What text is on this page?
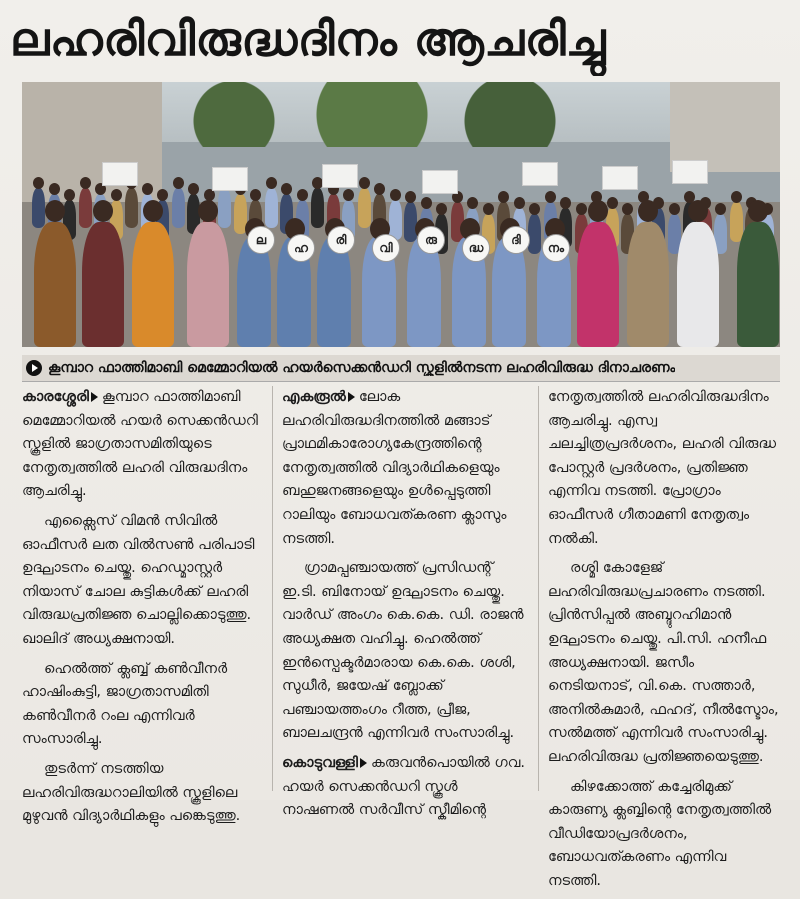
ലഹരിവിരുദ്ധദിനം ആചരിച്ചു
ല
ഹ
രി
വി
രു
ദ്ധ
ദി
നം
കൂമ്പാറ ഫാത്തിമാബി മെമ്മോറിയൽ ഹയർസെക്കൻഡറി സ്കൂളിൽനടന്ന ലഹരിവിരുദ്ധ ദിനാചരണം

കാരശ്ശേരി കൂമ്പാറ ഫാത്തിമാബി മെമ്മോറിയൽ ഹയർ സെക്കൻഡറി സ്കൂളിൽ ജാഗ്രതാസമിതിയുടെ നേതൃത്വത്തിൽ ലഹരി വിരുദ്ധദിനം ആചരിച്ചു.

എക്സൈസ് വിമൻ സിവിൽ ഓഫീസർ ലത വിൽസൺ പരിപാടി ഉദ്ഘാടനം ചെയ്തു. ഹെഡ്മാസ്റ്റർ നിയാസ് ചോല കുട്ടികൾക്ക് ലഹരി വിരുദ്ധപ്രതിജ്ഞ ചൊല്ലിക്കൊടുത്തു. ഖാലിദ് അധ്യക്ഷനായി.

ഹെൽത്ത് ക്ലബ്ബ് കൺവീനർ ഹാഷിംകുട്ടി, ജാഗ്രതാസമിതി കൺവീനർ റംല എന്നിവർ സംസാരിച്ചു.

തുടർന്ന് നടത്തിയ ലഹരിവിരുദ്ധറാലിയിൽ സ്കൂളിലെ മുഴുവൻ വിദ്യാർഥികളും പങ്കെടുത്തു.

എകരൂൽ ലോക ലഹരിവിരുദ്ധദിനത്തിൽ മങ്ങാട് പ്രാഥമികാരോഗ്യകേന്ദ്രത്തിന്റെ നേതൃത്വത്തിൽ വിദ്യാർഥികളെയും ബഹുജനങ്ങളെയും ഉൾപ്പെടുത്തി റാലിയും ബോധവത്കരണ ക്ലാസും നടത്തി.

ഗ്രാമപ്പഞ്ചായത്ത് പ്രസിഡന്റ് ഇ.ടി. ബിനോയ് ഉദ്ഘാടനം ചെയ്തു. വാർഡ് അംഗം കെ.കെ. ഡി. രാജൻ അധ്യക്ഷത വഹിച്ചു. ഹെൽത്ത് ഇൻസ്പെക്ടർമാരായ കെ.കെ. ശശി, സുധീർ, ജയേഷ് ബ്ലോക്ക് പഞ്ചായത്തംഗം റീത്ത, പ്രീജ, ബാലചന്ദ്രൻ എന്നിവർ സംസാരിച്ചു.

കൊടുവള്ളി കരുവൻപൊയിൽ ഗവ. ഹയർ സെക്കൻഡറി സ്കൂൾ നാഷണൽ സർവീസ് സ്കീമിന്റെ

നേതൃത്വത്തിൽ ലഹരിവിരുദ്ധദിനം ആചരിച്ചു. എസ്വ ചലച്ചിത്രപ്രദർശനം, ലഹരി വിരുദ്ധ പോസ്റ്റർ പ്രദർശനം, പ്രതിജ്ഞ എന്നിവ നടത്തി. പ്രോഗ്രാം ഓഫീസർ ഗീതാമണി നേതൃത്വം നൽകി.

രശ്മി കോളേജ് ലഹരിവിരുദ്ധപ്രചാരണം നടത്തി. പ്രിൻസിപ്പൽ അബ്ദുറഹിമാൻ ഉദ്ഘാടനം ചെയ്തു. പി.സി. ഹനീഫ അധ്യക്ഷനായി. ജസീം നെടിയനാട്, വി.കെ. സത്താർ, അനിൽകുമാർ, ഫഹദ്, നീൽസ്ടോം, സൽമത്ത് എന്നിവർ സംസാരിച്ചു. ലഹരിവിരുദ്ധ പ്രതിജ്ഞയെടുത്തു.

കിഴക്കോത്ത് കച്ചേരിമുക്ക് കാരുണ്യ ക്ലബ്ബിന്റെ നേതൃത്വത്തിൽ വീഡിയോപ്രദർശനം, ബോധവത്കരണം എന്നിവ നടത്തി.
